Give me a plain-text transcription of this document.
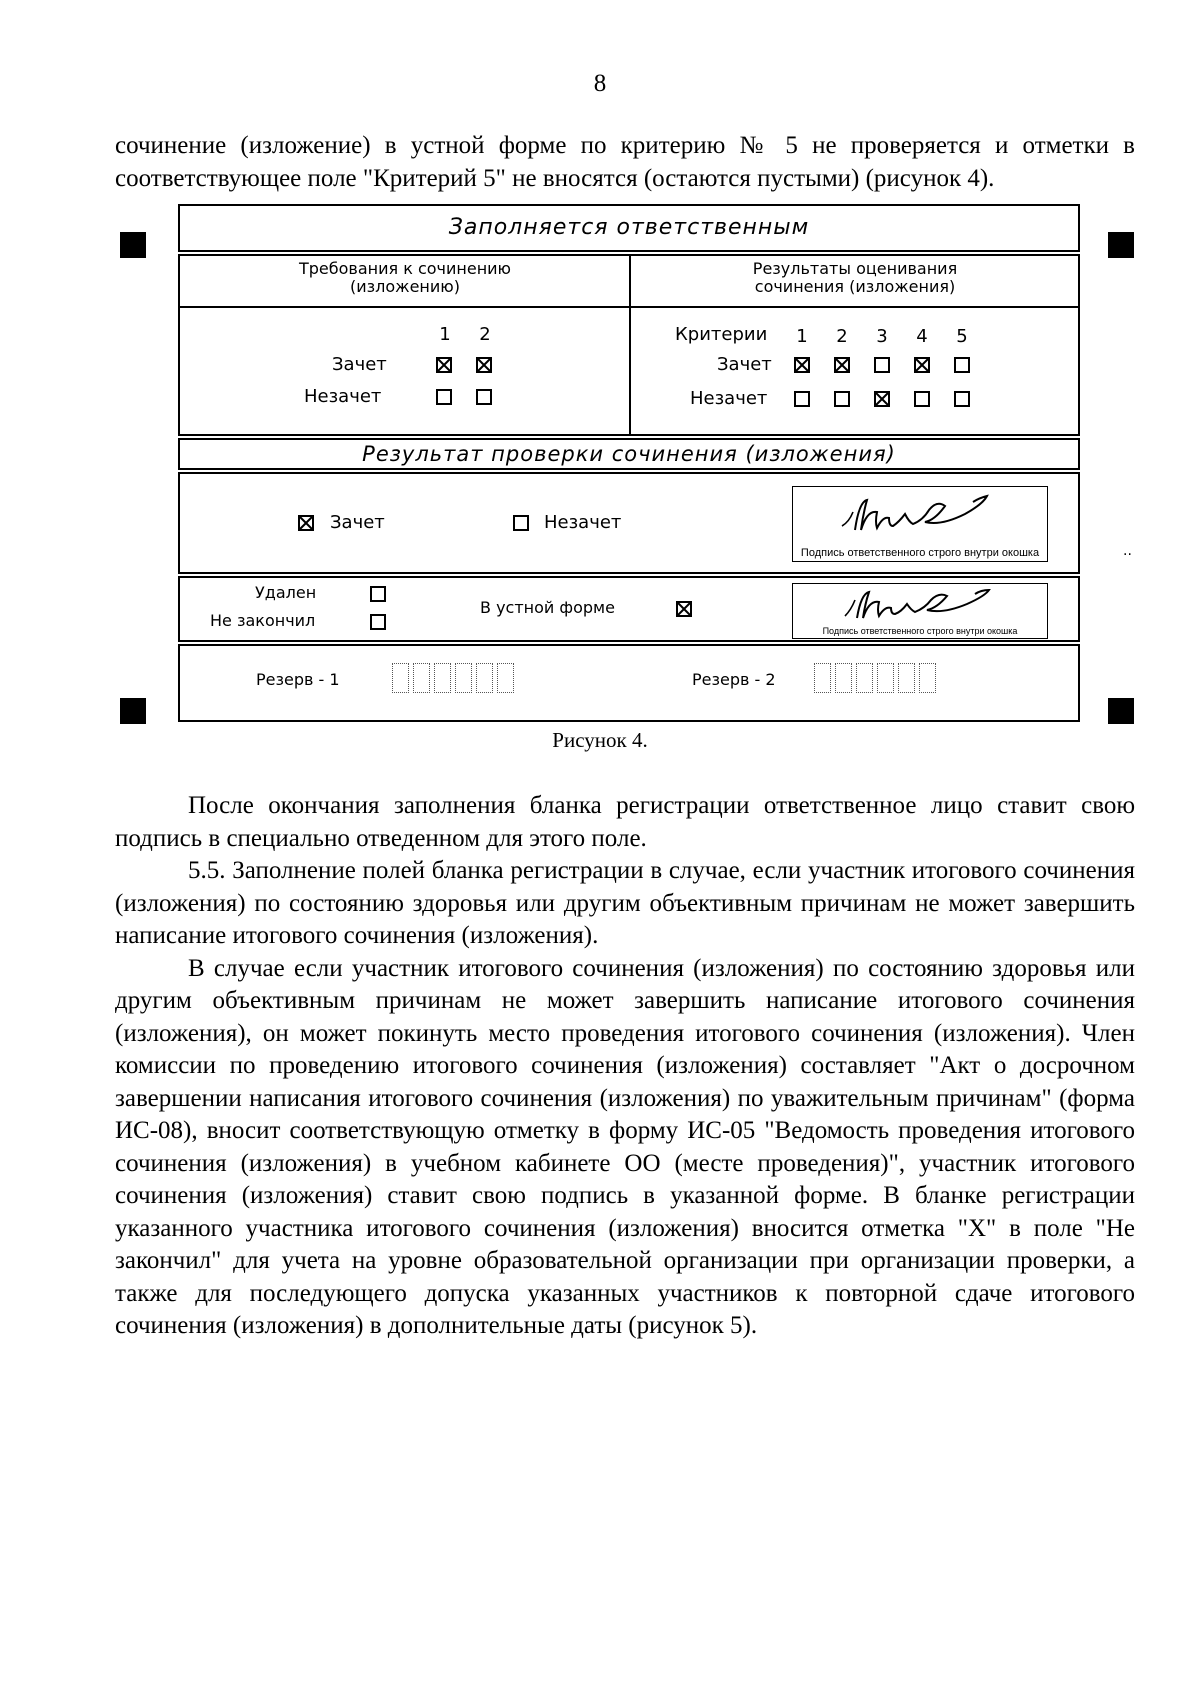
8

сочинение (изложение) в устной форме по критерию № 5 не проверяется и отметки в соответствующее поле "Критерий 5" не вносятся (остаются пустыми) (рисунок 4).

..
Заполняется ответственным
Требования к сочинению (изложению)
Результаты оценивания сочинения (изложения)
1 2
Зачет
Незачет
Критерии 1 2 3 4 5
Зачет
Незачет
Результат проверки сочинения (изложения)
Зачет	Незачет
Подпись ответственного строго внутри окошка
Удален
Не закончил
В устной форме
Подпись ответственного строго внутри окошка
Резерв - 1	Резерв - 2
Рисунок 4.

После окончания заполнения бланка регистрации ответственное лицо ставит свою подпись в специально отведенном для этого поле.

5.5. Заполнение полей бланка регистрации в случае, если участник итогового сочинения (изложения) по состоянию здоровья или другим объективным причинам не может завершить написание итогового сочинения (изложения).

В случае если участник итогового сочинения (изложения) по состоянию здоровья или другим объективным причинам не может завершить написание итогового сочинения (изложения), он может покинуть место проведения итогового сочинения (изложения). Член комиссии по проведению итогового сочинения (изложения) составляет "Акт о досрочном завершении написания итогового сочинения (изложения) по уважительным причинам" (форма ИС-08), вносит соответствующую отметку в форму ИС-05 "Ведомость проведения итогового сочинения (изложения) в учебном кабинете ОО (месте проведения)", участник итогового сочинения (изложения) ставит свою подпись в указанной форме. В бланке регистрации указанного участника итогового сочинения (изложения) вносится отметка "Х" в поле "Не закончил" для учета на уровне образовательной организации при организации проверки, а также для последующего допуска указанных участников к повторной сдаче итогового сочинения (изложения) в дополнительные даты (рисунок 5).
